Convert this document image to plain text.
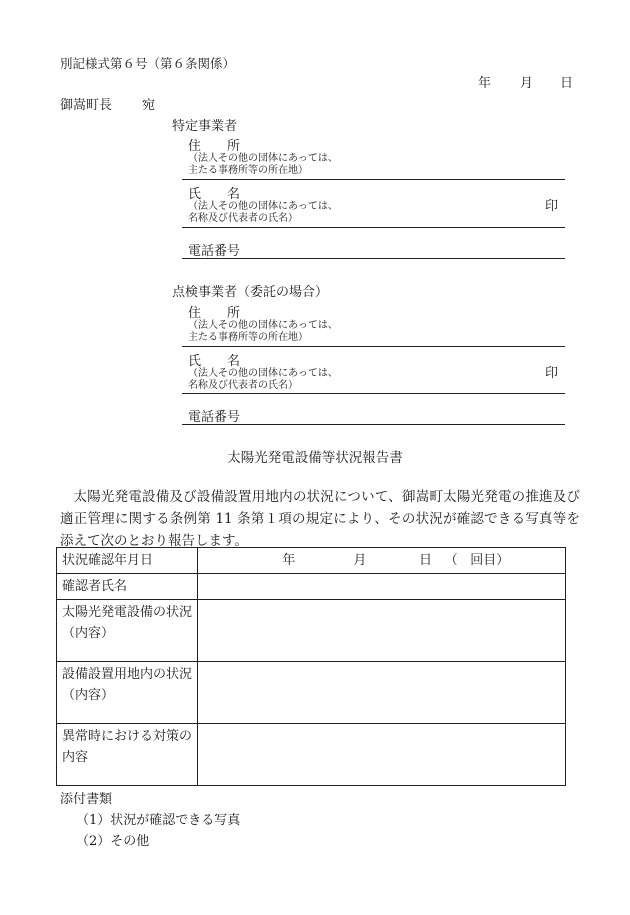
別記様式第６号（第６条関係）
年 月 日
御嵩町長 宛
特定事業者
住　　所
（法人その他の団体にあっては、
主たる事務所等の所在地）
氏　　名
（法人その他の団体にあっては、
名称及び代表者の氏名）
印
電話番号
点検事業者（委託の場合）
住　　所
（法人その他の団体にあっては、
主たる事務所等の所在地）
氏　　名
（法人その他の団体にあっては、
名称及び代表者の氏名）
印
電話番号
太陽光発電設備等状況報告書
太陽光発電設備及び設備設置用地内の状況について、御嵩町太陽光発電の推進及び適正管理に関する条例第 11 条第１項の規定により、その状況が確認できる写真等を添えて次のとおり報告します。
状況確認年月日	年 月 日 （ 回目）
確認者氏名	
太陽光発電設備の状況（内容）	
設備設置用地内の状況（内容）	
異常時における対策の内容	
添付書類
（1）状況が確認できる写真
（2）その他
